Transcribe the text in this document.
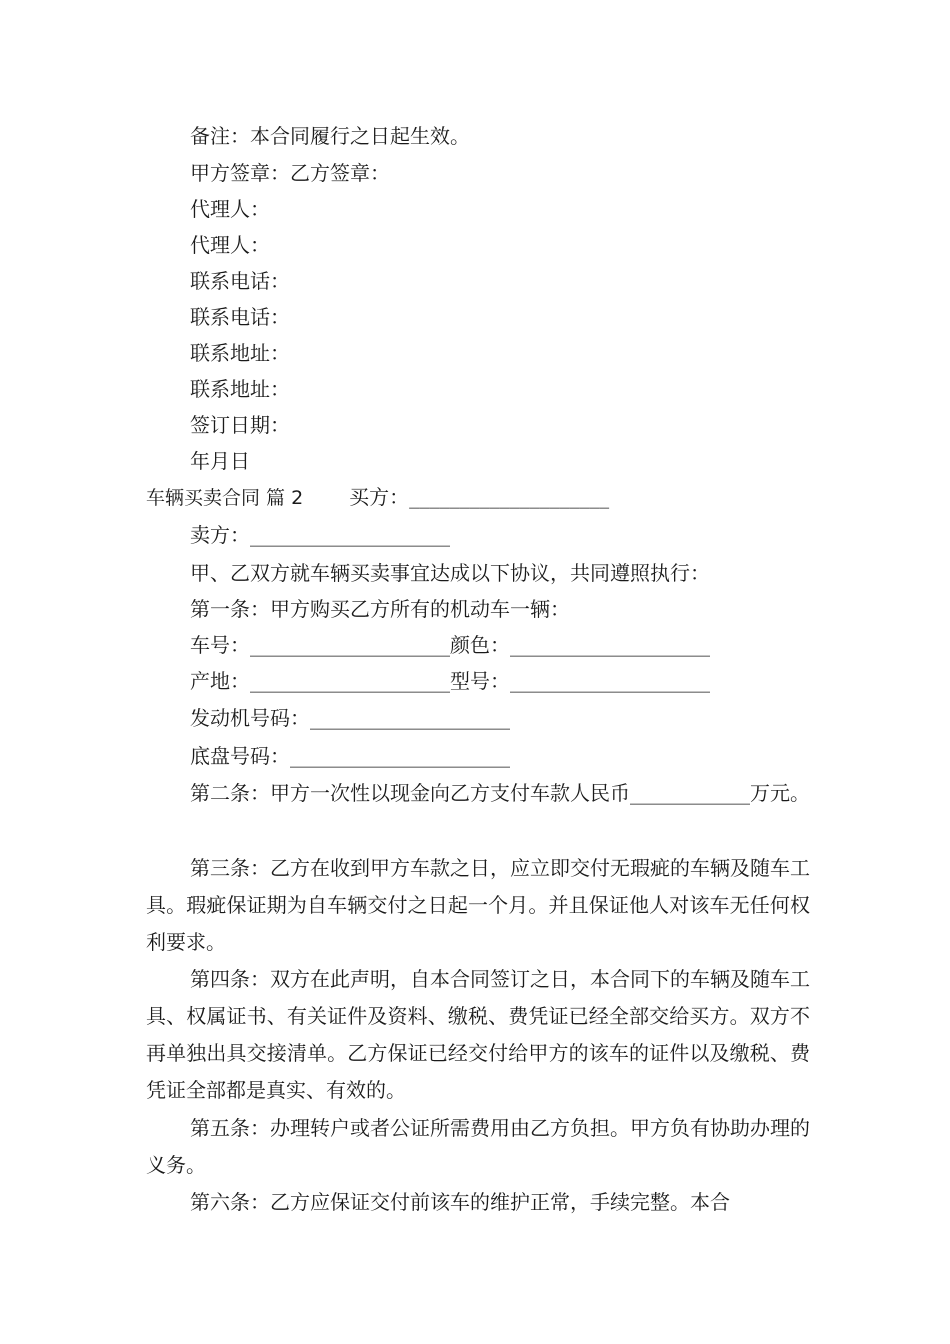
备注：本合同履行之日起生效。
甲方签章：乙方签章：
代理人：
代理人：
联系电话：
联系电话：
联系地址：
联系地址：
签订日期：
年月日
车辆买卖合同 篇 2 买方：____________________
卖方：____________________
甲、乙双方就车辆买卖事宜达成以下协议，共同遵照执行：
第一条：甲方购买乙方所有的机动车一辆：
车号：____________________颜色：____________________
产地：____________________型号：____________________
发动机号码：____________________
底盘号码：______________________
第二条：甲方一次性以现金向乙方支付车款人民币____________万元。
第三条：乙方在收到甲方车款之日，应立即交付无瑕疵的车辆及随车工具。瑕疵保证期为自车辆交付之日起一个月。并且保证他人对该车无任何权利要求。
第四条：双方在此声明，自本合同签订之日，本合同下的车辆及随车工具、权属证书、有关证件及资料、缴税、费凭证已经全部交给买方。双方不再单独出具交接清单。乙方保证已经交付给甲方的该车的证件以及缴税、费凭证全部都是真实、有效的。
第五条：办理转户或者公证所需费用由乙方负担。甲方负有协助办理的义务。
第六条：乙方应保证交付前该车的维护正常，手续完整。本合
